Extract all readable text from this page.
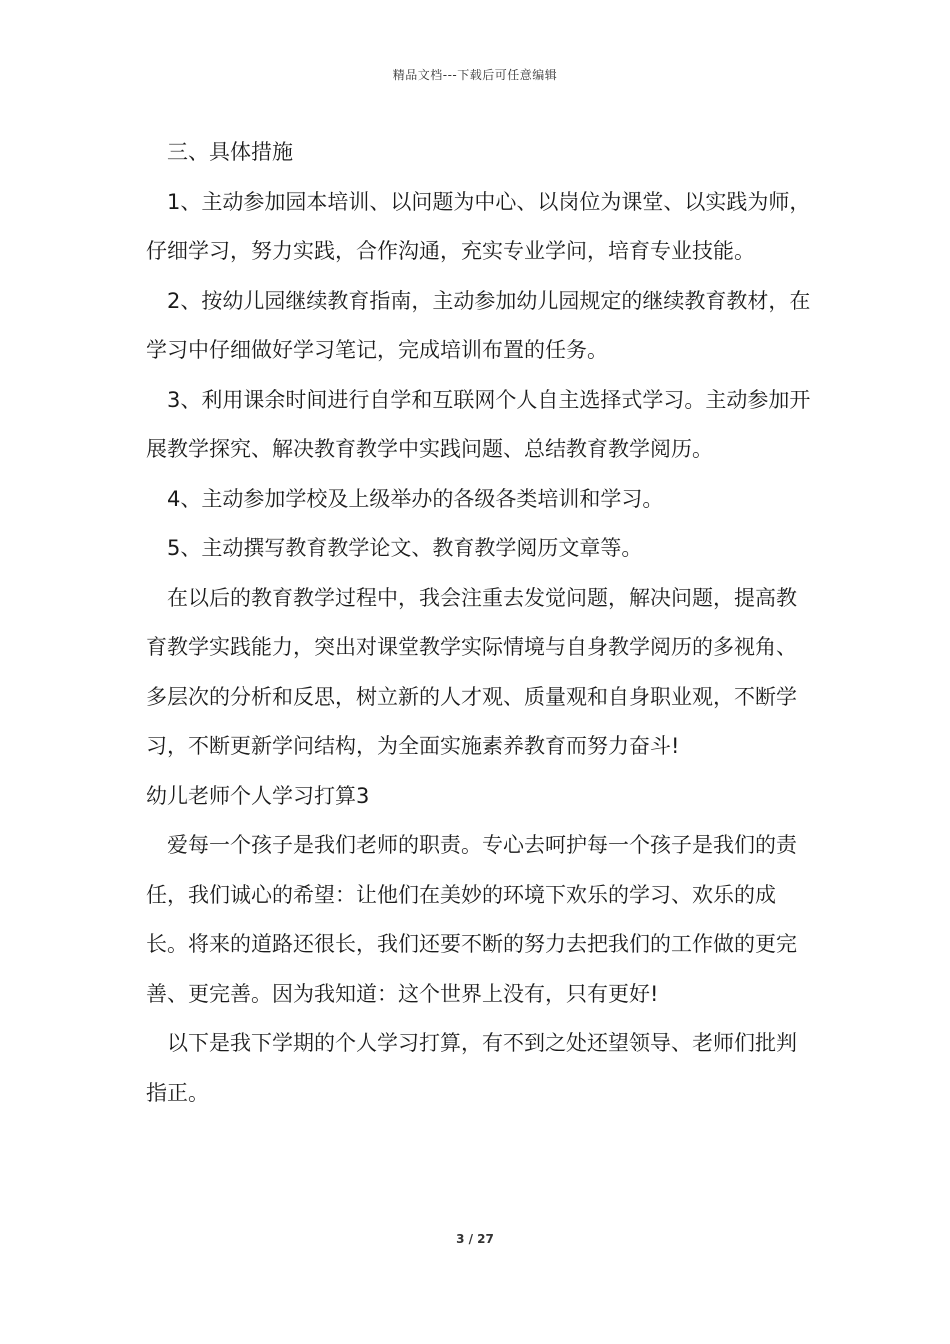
精品文档---下载后可任意编辑

三、具体措施

1、主动参加园本培训、以问题为中心、以岗位为课堂、以实践为师，仔细学习，努力实践，合作沟通，充实专业学问，培育专业技能。

2、按幼儿园继续教育指南，主动参加幼儿园规定的继续教育教材，在学习中仔细做好学习笔记，完成培训布置的任务。

3、利用课余时间进行自学和互联网个人自主选择式学习。主动参加开展教学探究、解决教育教学中实践问题、总结教育教学阅历。

4、主动参加学校及上级举办的各级各类培训和学习。

5、主动撰写教育教学论文、教育教学阅历文章等。

在以后的教育教学过程中，我会注重去发觉问题，解决问题，提高教育教学实践能力，突出对课堂教学实际情境与自身教学阅历的多视角、多层次的分析和反思，树立新的人才观、质量观和自身职业观，不断学习，不断更新学问结构，为全面实施素养教育而努力奋斗!

幼儿老师个人学习打算3

爱每一个孩子是我们老师的职责。专心去呵护每一个孩子是我们的责任，我们诚心的希望：让他们在美妙的环境下欢乐的学习、欢乐的成长。将来的道路还很长，我们还要不断的努力去把我们的工作做的更完善、更完善。因为我知道：这个世界上没有，只有更好!

以下是我下学期的个人学习打算，有不到之处还望领导、老师们批判指正。

3 / 27
